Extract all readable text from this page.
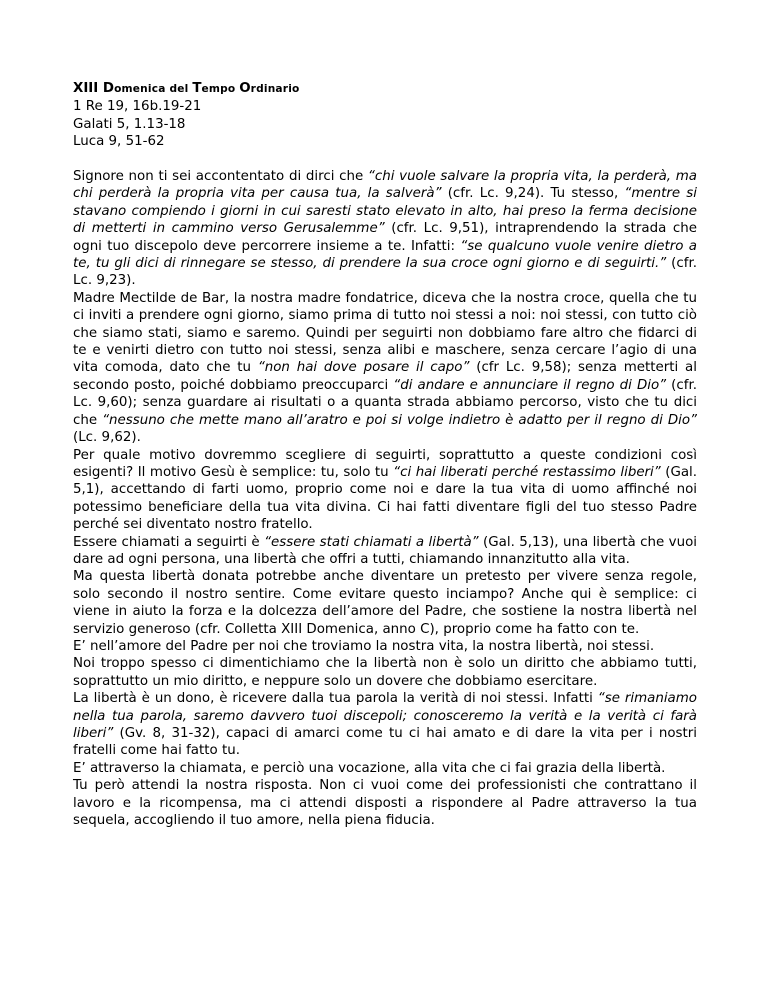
XIII Domenica del Tempo Ordinario
1 Re 19, 16b.19-21
Galati 5, 1.13-18
Luca 9, 51-62

Signore non ti sei accontentato di dirci che “chi vuole salvare la propria vita, la perderà, ma chi perderà la propria vita per causa tua, la salverà” (cfr. Lc. 9,24). Tu stesso, “mentre si stavano compiendo i giorni in cui saresti stato elevato in alto, hai preso la ferma decisione di metterti in cammino verso Gerusalemme” (cfr. Lc. 9,51), intraprendendo la strada che ogni tuo discepolo deve percorrere insieme a te. Infatti: “se qualcuno vuole venire dietro a te, tu gli dici di rinnegare se stesso, di prendere la sua croce ogni giorno e di seguirti.” (cfr. Lc. 9,23).

Madre Mectilde de Bar, la nostra madre fondatrice, diceva che la nostra croce, quella che tu ci inviti a prendere ogni giorno, siamo prima di tutto noi stessi a noi: noi stessi, con tutto ciò che siamo stati, siamo e saremo. Quindi per seguirti non dobbiamo fare altro che fidarci di te e venirti dietro con tutto noi stessi, senza alibi e maschere, senza cercare l’agio di una vita comoda, dato che tu “non hai dove posare il capo” (cfr Lc. 9,58); senza metterti al secondo posto, poiché dobbiamo preoccuparci “di andare e annunciare il regno di Dio” (cfr. Lc. 9,60); senza guardare ai risultati o a quanta strada abbiamo percorso, visto che tu dici che “nessuno che mette mano all’aratro e poi si volge indietro è adatto per il regno di Dio” (Lc. 9,62).

Per quale motivo dovremmo scegliere di seguirti, soprattutto a queste condizioni così esigenti? Il motivo Gesù è semplice: tu, solo tu “ci hai liberati perché restassimo liberi” (Gal. 5,1), accettando di farti uomo, proprio come noi e dare la tua vita di uomo affinché noi potessimo beneficiare della tua vita divina. Ci hai fatti diventare figli del tuo stesso Padre perché sei diventato nostro fratello.

Essere chiamati a seguirti è “essere stati chiamati a libertà” (Gal. 5,13), una libertà che vuoi dare ad ogni persona, una libertà che offri a tutti, chiamando innanzitutto alla vita.

Ma questa libertà donata potrebbe anche diventare un pretesto per vivere senza regole, solo secondo il nostro sentire. Come evitare questo inciampo? Anche qui è semplice: ci viene in aiuto la forza e la dolcezza dell’amore del Padre, che sostiene la nostra libertà nel servizio generoso (cfr. Colletta XIII Domenica, anno C), proprio come ha fatto con te.

E’ nell’amore del Padre per noi che troviamo la nostra vita, la nostra libertà, noi stessi.

Noi troppo spesso ci dimentichiamo che la libertà non è solo un diritto che abbiamo tutti, soprattutto un mio diritto, e neppure solo un dovere che dobbiamo esercitare.

La libertà è un dono, è ricevere dalla tua parola la verità di noi stessi. Infatti “se rimaniamo nella tua parola, saremo davvero tuoi discepoli; conosceremo la verità e la verità ci farà liberi” (Gv. 8, 31-32), capaci di amarci come tu ci hai amato e di dare la vita per i nostri fratelli come hai fatto tu.

E’ attraverso la chiamata, e perciò una vocazione, alla vita che ci fai grazia della libertà.

Tu però attendi la nostra risposta. Non ci vuoi come dei professionisti che contrattano il lavoro e la ricompensa, ma ci attendi disposti a rispondere al Padre attraverso la tua sequela, accogliendo il tuo amore, nella piena fiducia.
